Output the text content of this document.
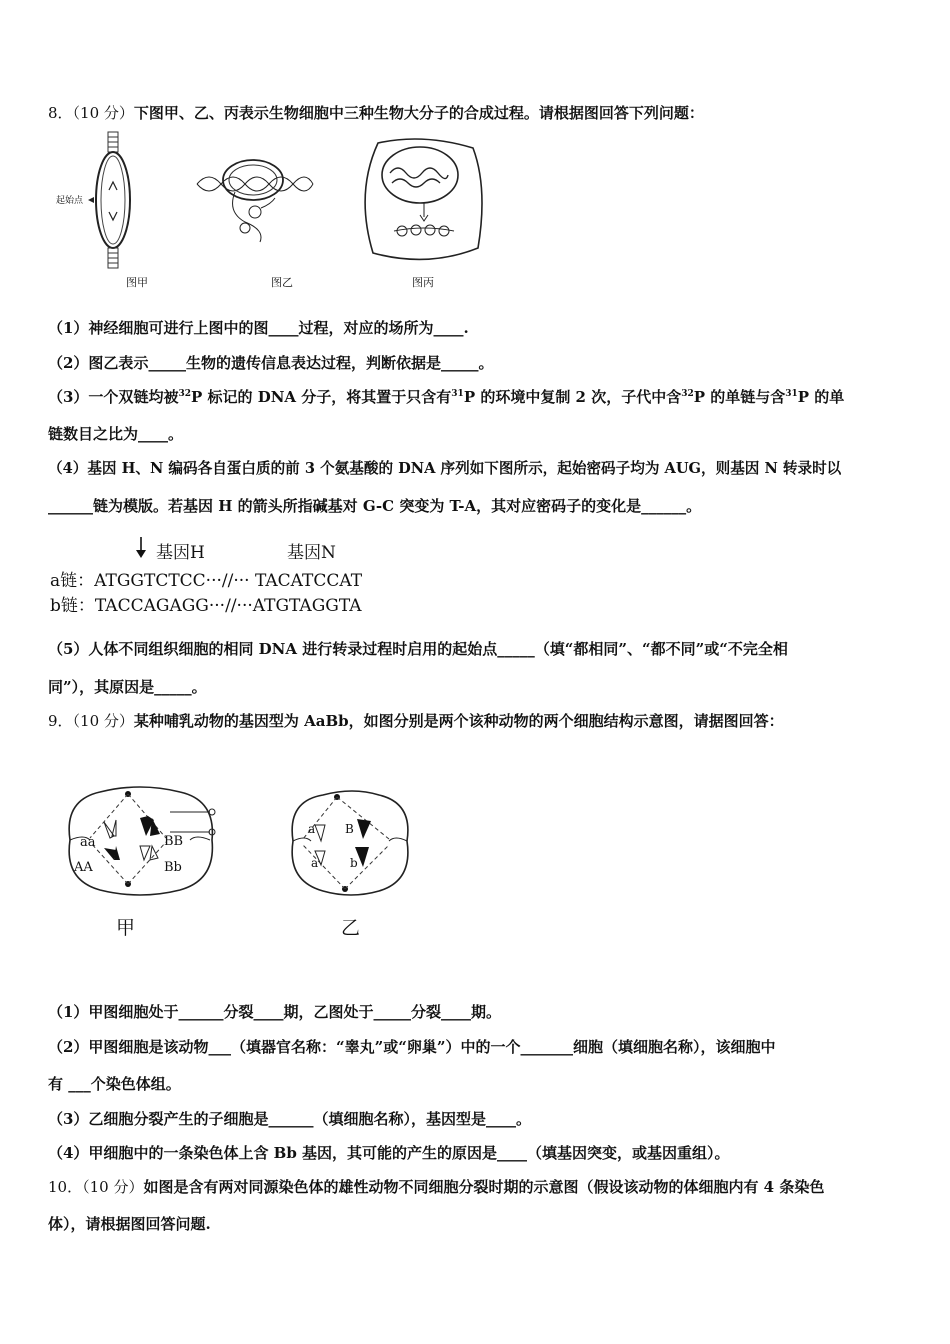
8．（10 分）下图甲、乙、丙表示生物细胞中三种生物大分子的合成过程。请根据图回答下列问题：
起始点
图甲	图乙	图丙
（1）神经细胞可进行上图中的图____过程，对应的场所为____.
（2）图乙表示_____生物的遗传信息表达过程，判断依据是_____。
（3）一个双链均被$^{32}$P 标记的 DNA 分子，将其置于只含有$^{31}$P 的环境中复制 2 次，子代中含$^{32}$P 的单链与含$^{31}$P 的单
链数目之比为____。
（4）基因 H、N 编码各自蛋白质的前 3 个氨基酸的 DNA 序列如下图所示，起始密码子均为 AUG，则基因 N 转录时以
______链为模版。若基因 H 的箭头所指碱基对 G-C 突变为 T-A，其对应密码子的变化是______。
基因H	基因N
a链：ATGGTCTCC···//··· TACATCCAT
b链：TACCAGAGG···//···ATGTAGGTA
（5）人体不同组织细胞的相同 DNA 进行转录过程时启用的起始点_____（填“都相同”、“都不同”或“不完全相
同”），其原因是_____。
9．（10 分）某种哺乳动物的基因型为 AaBb，如图分别是两个该种动物的两个细胞结构示意图，请据图回答：
aa
AA
BB
Bb
甲
a B
a	b
乙
（1）甲图细胞处于______分裂____期，乙图处于_____分裂____期。
（2）甲图细胞是该动物___（填器官名称：“睾丸”或“卵巢”）中的一个_______细胞（填细胞名称），该细胞中
有 ___个染色体组。
（3）乙细胞分裂产生的子细胞是______（填细胞名称），基因型是____。
（4）甲细胞中的一条染色体上含 Bb 基因，其可能的产生的原因是____（填基因突变，或基因重组）。
10．（10 分）如图是含有两对同源染色体的雄性动物不同细胞分裂时期的示意图（假设该动物的体细胞内有 4 条染色
体），请根据图回答问题.
